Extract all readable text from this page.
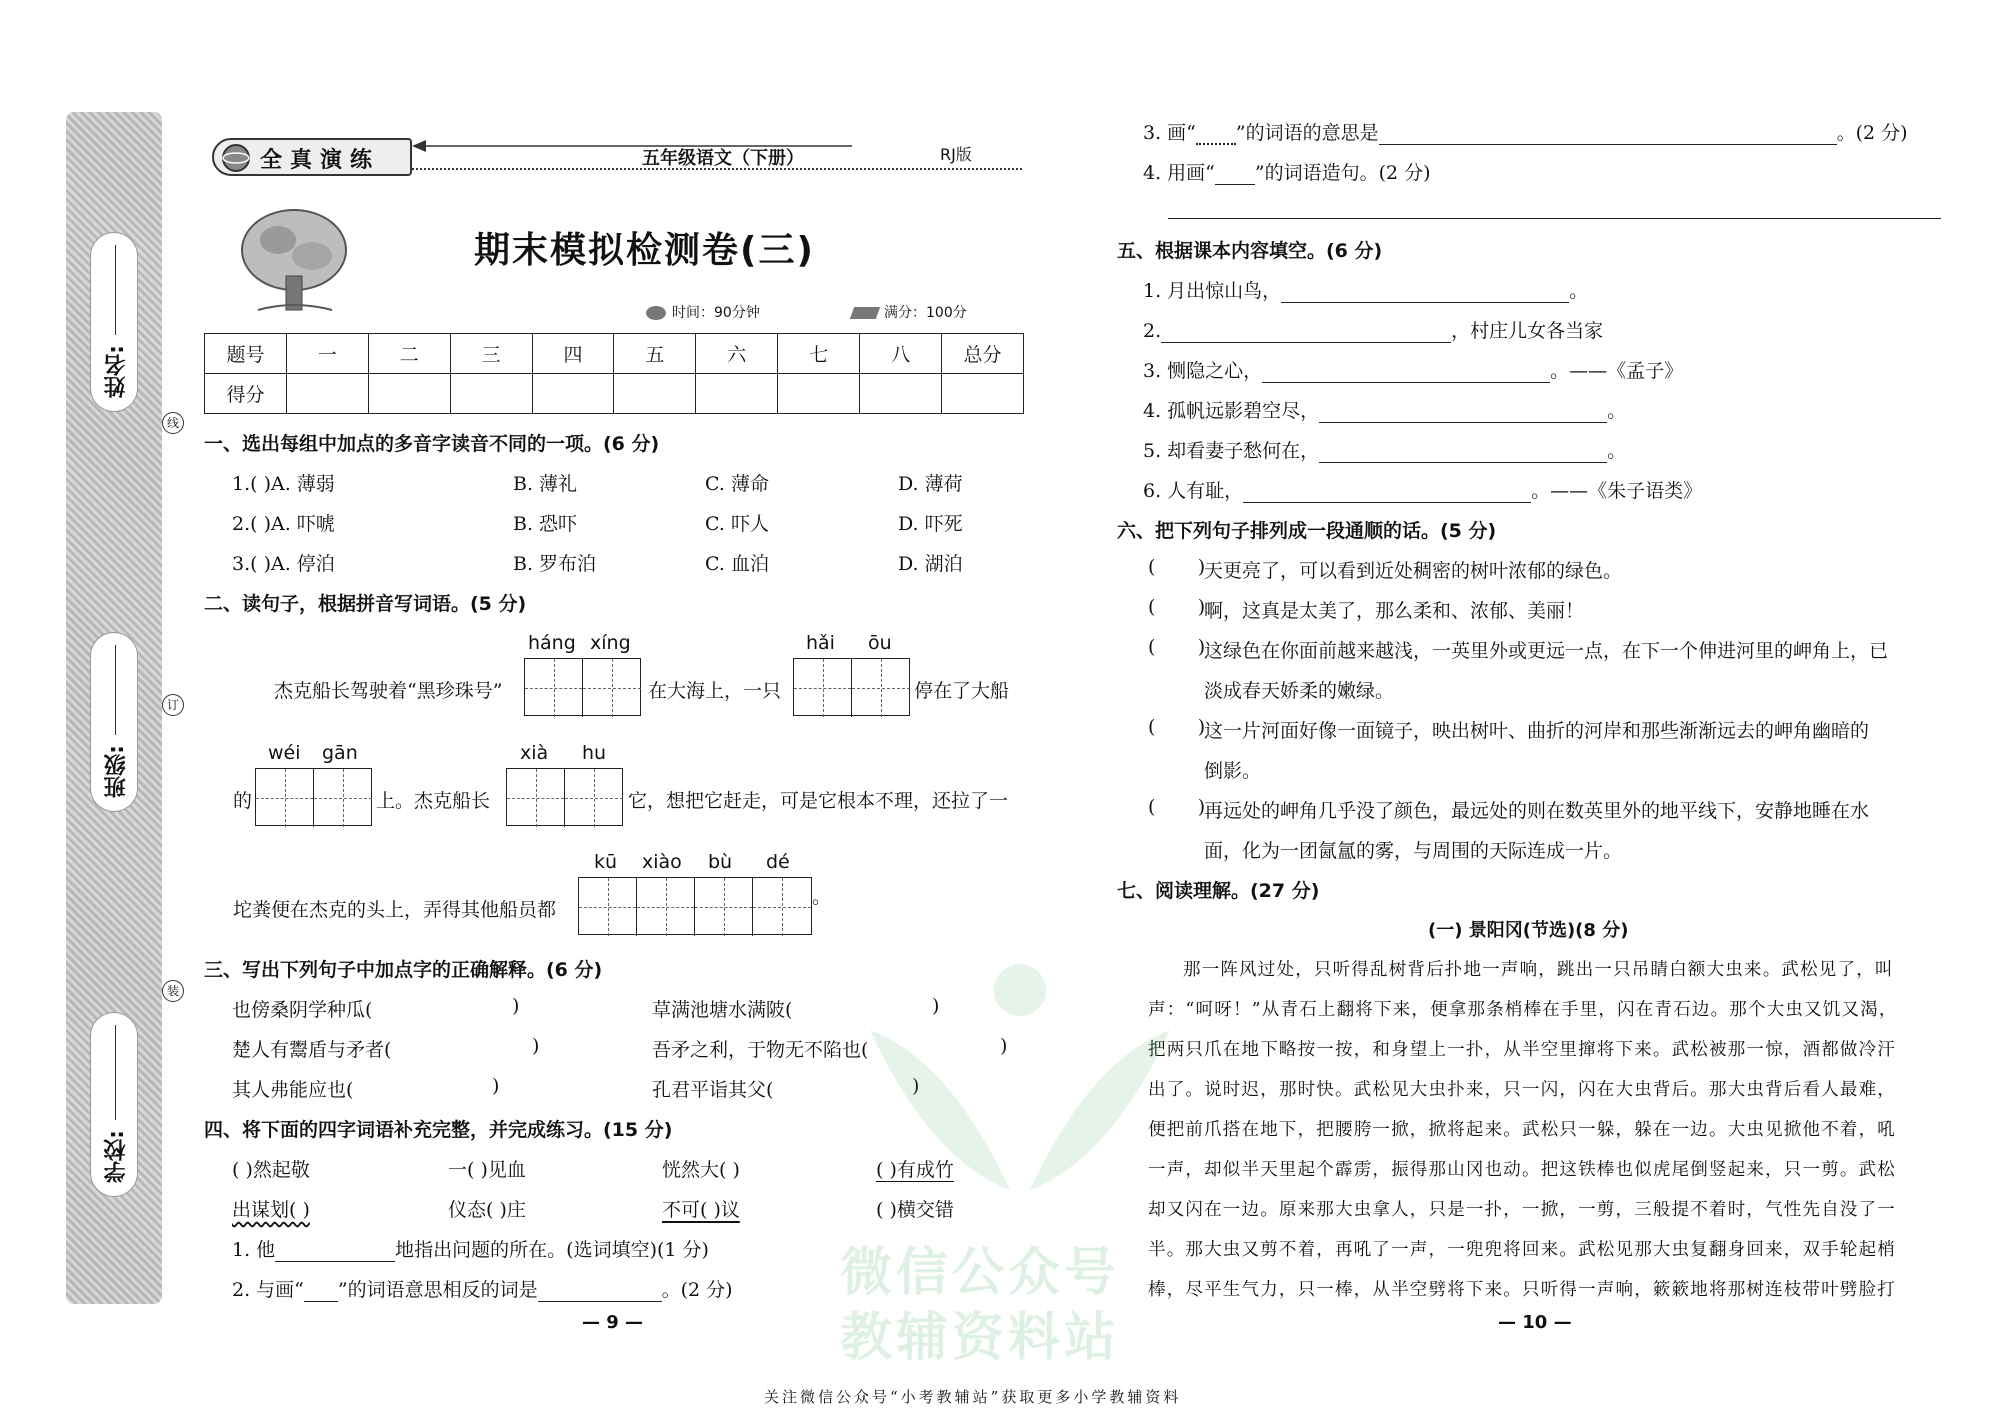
姓名:
班级:
学校:
线
订
装
全真演练	五年级语文（下册）	RJ版
期末模拟检测卷(三)
时间：90分钟	满分：100分
题号	一	二	三	四	五	六	七	八	总分
得分									
一、选出每组中加点的多音字读音不同的一项。(6 分)
1.( )A. 薄弱	B. 薄礼	C. 薄命	D. 薄荷
2.( )A. 吓唬	B. 恐吓	C. 吓人	D. 吓死
3.( )A. 停泊	B. 罗布泊	C. 血泊	D. 湖泊
二、读句子，根据拼音写词语。(5 分)
杰克船长驾驶着“黑珍珠号”
háng xíng
在大海上，一只
hǎi ōu
停在了大船
的
wéi gān
上。杰克船长
xià hu
它，想把它赶走，可是它根本不理，还拉了一
坨粪便在杰克的头上，弄得其他船员都
kū xiào bù dé
。
三、写出下列句子中加点字的正确解释。(6 分)
也傍桑阴学种瓜(	)	草满池塘水满陂(	)
楚人有鬻盾与矛者(	)	吾矛之利，于物无不陷也(	)
其人弗能应也(	)	孔君平诣其父(	)
四、将下面的四字词语补充完整，并完成练习。(15 分)
( )然起敬	一( )见血	恍然大( )	( )有成竹
出谋划( )	仪态( )庄	不可( )议	( )横交错
1. 他	地指出问题的所在。(选词填空)(1 分)
2. 与画“ ”的词语意思相反的词是	。(2 分)
— 9 —
3. 画“ ”的词语的意思是	。(2 分)
4. 用画“ ”的词语造句。(2 分)
五、根据课本内容填空。(6 分)
1. 月出惊山鸟，	。
2.	，村庄儿女各当家
3. 恻隐之心，	。——《孟子》
4. 孤帆远影碧空尽，	。
5. 却看妻子愁何在，	。
6. 人有耻，	。——《朱子语类》
六、把下列句子排列成一段通顺的话。(5 分)
(       )
天更亮了，可以看到近处稠密的树叶浓郁的绿色。
(       )
啊，这真是太美了，那么柔和、浓郁、美丽！
(       )
这绿色在你面前越来越浅，一英里外或更远一点，在下一个伸进河里的岬角上，已
淡成春天娇柔的嫩绿。
(       )
这一片河面好像一面镜子，映出树叶、曲折的河岸和那些渐渐远去的岬角幽暗的
倒影。
(       )
再远处的岬角几乎没了颜色，最远处的则在数英里外的地平线下，安静地睡在水
面，化为一团氤氲的雾，与周围的天际连成一片。
七、阅读理解。(27 分)
(一) 景阳冈(节选)(8 分)
那一阵风过处，只听得乱树背后扑地一声响，跳出一只吊睛白额大虫来。武松见了，叫
声：“呵呀！”从青石上翻将下来，便拿那条梢棒在手里，闪在青石边。那个大虫又饥又渴，
把两只爪在地下略按一按，和身望上一扑，从半空里撺将下来。武松被那一惊，酒都做冷汗
出了。说时迟，那时快。武松见大虫扑来，只一闪，闪在大虫背后。那大虫背后看人最难，
便把前爪搭在地下，把腰胯一掀，掀将起来。武松只一躲，躲在一边。大虫见掀他不着，吼
一声，却似半天里起个霹雳，振得那山冈也动。把这铁棒也似虎尾倒竖起来，只一剪。武松
却又闪在一边。原来那大虫拿人，只是一扑，一掀，一剪，三般提不着时，气性先自没了一
半。那大虫又剪不着，再吼了一声，一兜兜将回来。武松见那大虫复翻身回来，双手轮起梢
棒，尽平生气力，只一棒，从半空劈将下来。只听得一声响，簌簌地将那树连枝带叶劈脸打
— 10 —
微信公众号
教辅资料站
关注微信公众号“小考教辅站”获取更多小学教辅资料
